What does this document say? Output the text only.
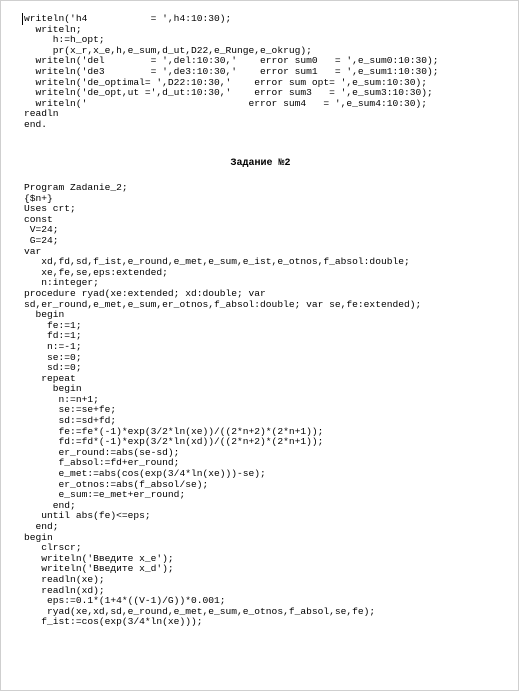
writeln('h4           = ',h4:10:30);
writeln;
h:=h_opt;
pr(x_r,x_e,h,e_sum,d_ut,D22,e_Runge,e_okrug);
writeln('del        = ',del:10:30,'    error sum0   = ',e_sum0:10:30);
writeln('de3        = ',de3:10:30,'    error sum1   = ',e_sum1:10:30);
writeln('de_optimal= ',D22:10:30,'    error sum opt= ',e_sum:10:30);
writeln('de_opt,ut =',d_ut:10:30,'    error sum3   = ',e_sum3:10:30);
writeln('                            error sum4   = ',e_sum4:10:30);
readln
end.
Задание №2
Program Zadanie_2;
{$n+}
Uses crt;
const
V=24;
G=24;
var
xd,fd,sd,f_ist,e_round,e_met,e_sum,e_ist,e_otnos,f_absol:double;
xe,fe,se,eps:extended;
n:integer;
procedure ryad(xe:extended; xd:double; var
sd,er_round,e_met,e_sum,er_otnos,f_absol:double; var se,fe:extended);
begin
fe:=1;
fd:=1;
n:=-1;
se:=0;
sd:=0;
repeat
begin
n:=n+1;
se:=se+fe;
sd:=sd+fd;
fe:=fe*(-1)*exp(3/2*ln(xe))/((2*n+2)*(2*n+1));
fd:=fd*(-1)*exp(3/2*ln(xd))/((2*n+2)*(2*n+1));
er_round:=abs(se-sd);
f_absol:=fd+er_round;
e_met:=abs(cos(exp(3/4*ln(xe)))-se);
er_otnos:=abs(f_absol/se);
e_sum:=e_met+er_round;
end;
until abs(fe)<=eps;
end;
begin
clrscr;
writeln('Введите x_e');
writeln('Введите x_d');
readln(xe);
readln(xd);
eps:=0.1*(1+4*((V-1)/G))*0.001;
ryad(xe,xd,sd,e_round,e_met,e_sum,e_otnos,f_absol,se,fe);
f_ist:=cos(exp(3/4*ln(xe)));
